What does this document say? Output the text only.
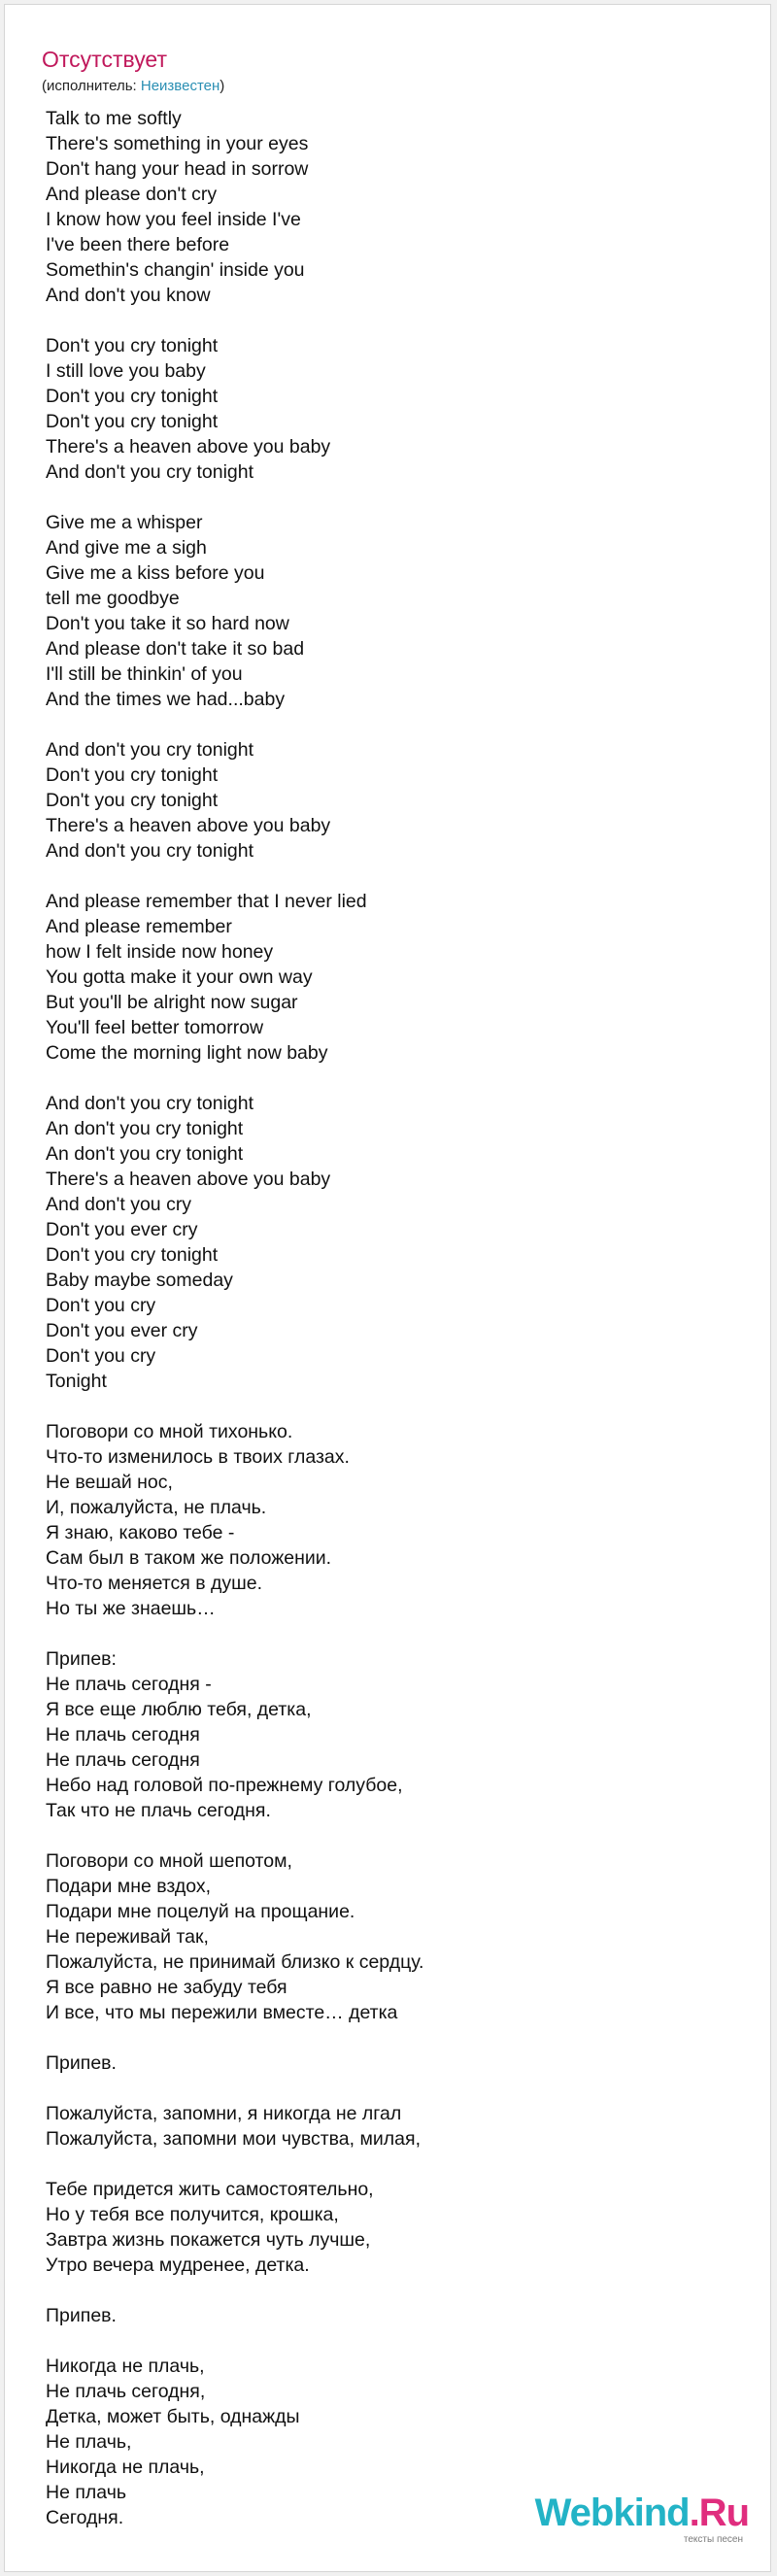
Отсутствует
(исполнитель: Неизвестен)
Talk to me softly
There's something in your eyes
Don't hang your head in sorrow
And please don't cry
I know how you feel inside I've
I've been there before
Somethin's changin' inside you
And don't you know
Don't you cry tonight
I still love you baby
Don't you cry tonight
Don't you cry tonight
There's a heaven above you baby
And don't you cry tonight
Give me a whisper
And give me a sigh
Give me a kiss before you
tell me goodbye
Don't you take it so hard now
And please don't take it so bad
I'll still be thinkin' of you
And the times we had...baby
And don't you cry tonight
Don't you cry tonight
Don't you cry tonight
There's a heaven above you baby
And don't you cry tonight
And please remember that I never lied
And please remember
how I felt inside now honey
You gotta make it your own way
But you'll be alright now sugar
You'll feel better tomorrow
Come the morning light now baby
And don't you cry tonight
An don't you cry tonight
An don't you cry tonight
There's a heaven above you baby
And don't you cry
Don't you ever cry
Don't you cry tonight
Baby maybe someday
Don't you cry
Don't you ever cry
Don't you cry
Tonight
Поговори со мной тихонько.
Что-то изменилось в твоих глазах.
Не вешай нос,
И, пожалуйста, не плачь.
Я знаю, каково тебе -
Сам был в таком же положении.
Что-то меняется в душе.
Но ты же знаешь…
Припев:
Не плачь сегодня -
Я все еще люблю тебя, детка,
Не плачь сегодня
Не плачь сегодня
Небо над головой по-прежнему голубое,
Так что не плачь сегодня.
Поговори со мной шепотом,
Подари мне вздох,
Подари мне поцелуй на прощание.
Не переживай так,
Пожалуйста, не принимай близко к сердцу.
Я все равно не забуду тебя
И все, что мы пережили вместе… детка
Припев.
Пожалуйста, запомни, я никогда не лгал
Пожалуйста, запомни мои чувства, милая,
Тебе придется жить самостоятельно,
Но у тебя все получится, крошка,
Завтра жизнь покажется чуть лучше,
Утро вечера мудренее, детка.
Припев.
Никогда не плачь,
Не плачь сегодня,
Детка, может быть, однажды
Не плачь,
Никогда не плачь,
Не плачь
Сегодня.	Webkind.Ru
тексты песен
